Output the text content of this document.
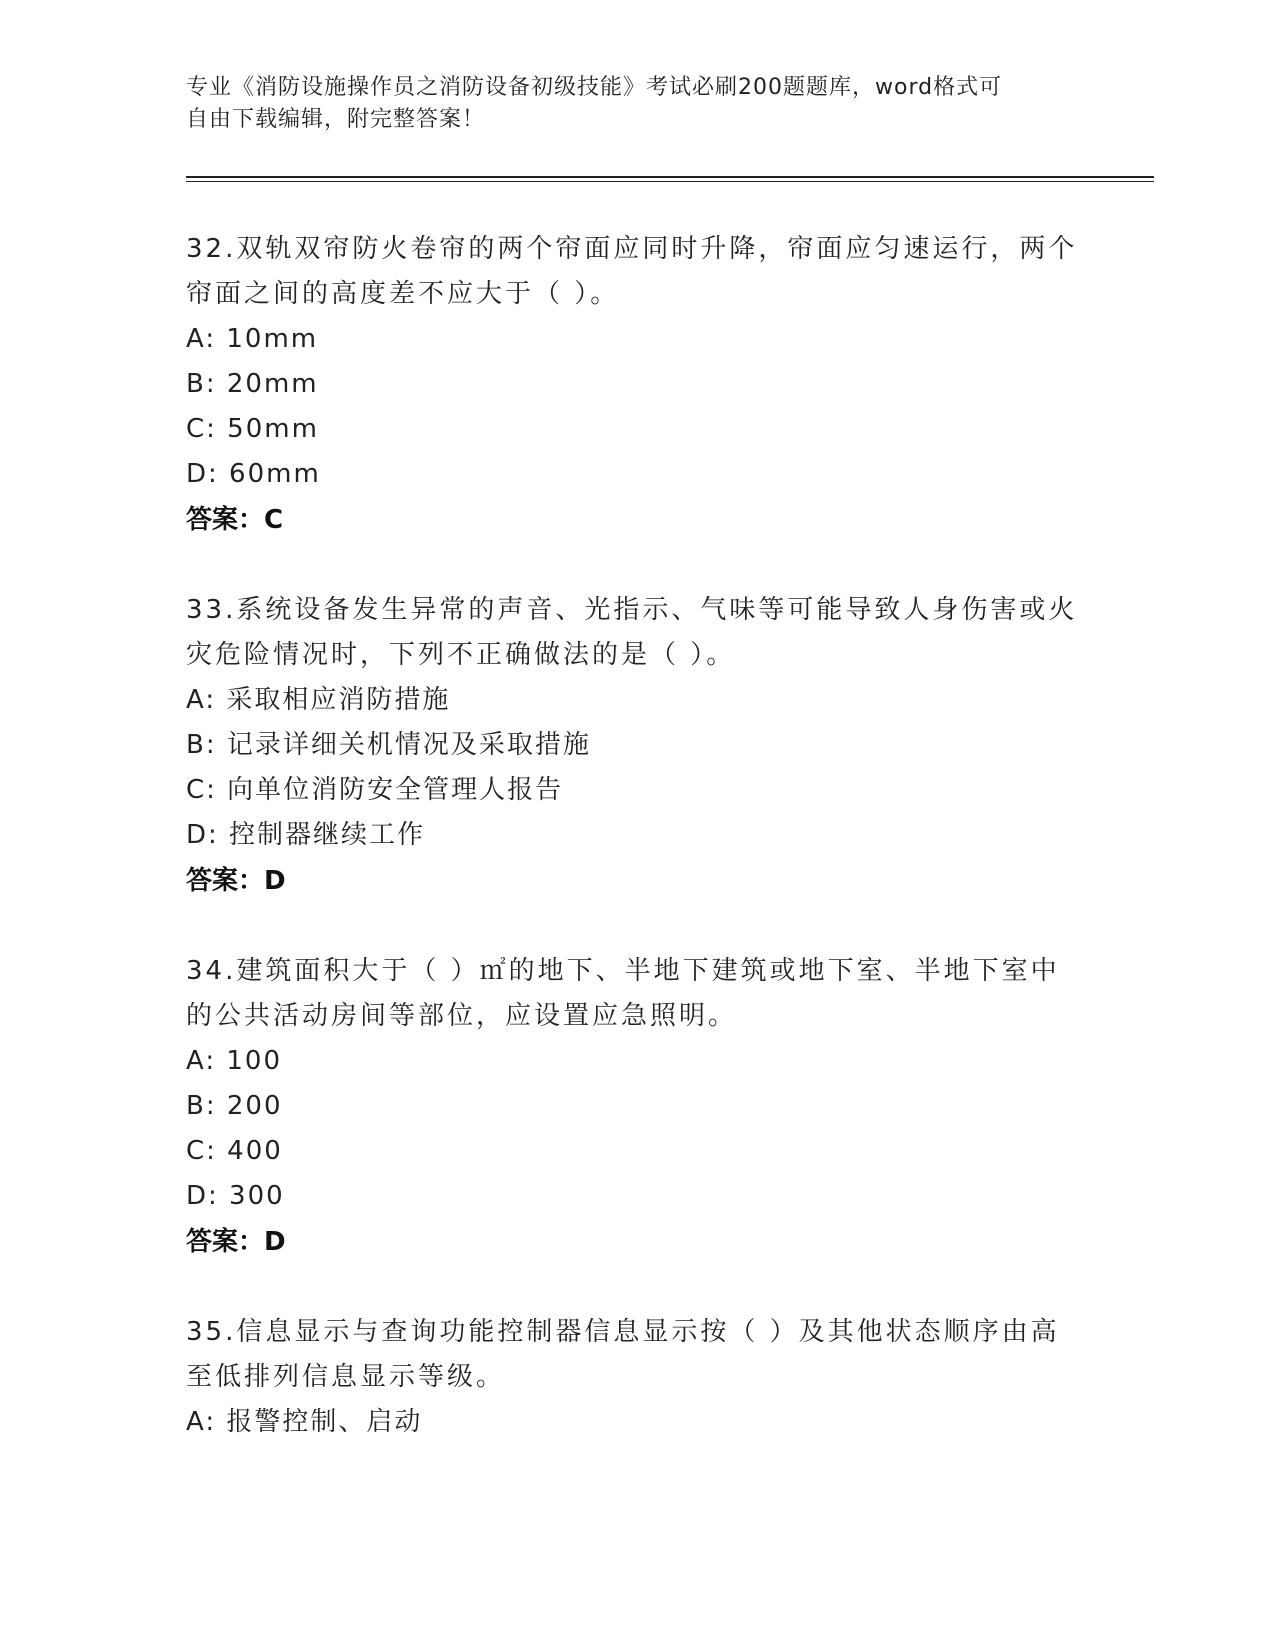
专业《消防设施操作员之消防设备初级技能》考试必刷200题题库，word格式可
自由下载编辑，附完整答案！
32.双轨双帘防火卷帘的两个帘面应同时升降，帘面应匀速运行，两个
帘面之间的高度差不应大于（ ）。
A: 10mm
B: 20mm
C: 50mm
D: 60mm
答案：C
33.系统设备发生异常的声音、光指示、气味等可能导致人身伤害或火
灾危险情况时，下列不正确做法的是（ ）。
A: 采取相应消防措施
B: 记录详细关机情况及采取措施
C: 向单位消防安全管理人报告
D: 控制器继续工作
答案：D
34.建筑面积大于（ ）㎡的地下、半地下建筑或地下室、半地下室中
的公共活动房间等部位，应设置应急照明。
A: 100
B: 200
C: 400
D: 300
答案：D
35.信息显示与查询功能控制器信息显示按（ ）及其他状态顺序由高
至低排列信息显示等级。
A: 报警控制、启动
